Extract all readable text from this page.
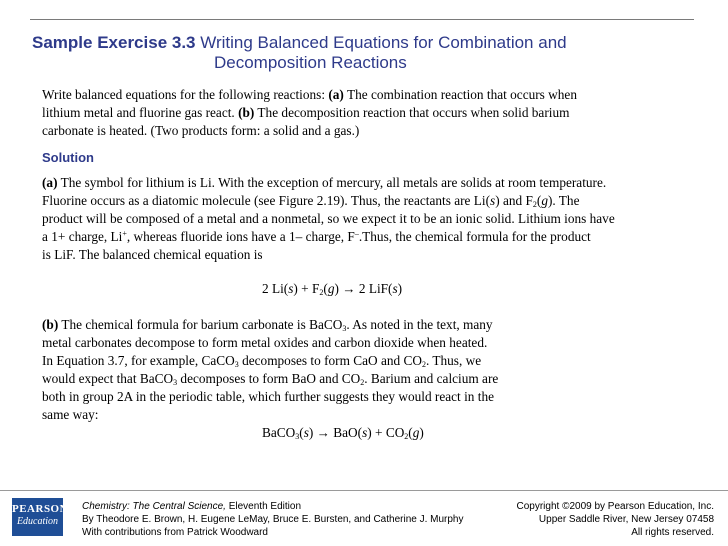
Sample Exercise 3.3 Writing Balanced Equations for Combination and
Decomposition Reactions

Write balanced equations for the following reactions: (a) The combination reaction that occurs when

lithium metal and fluorine gas react. (b) The decomposition reaction that occurs when solid barium

carbonate is heated. (Two products form: a solid and a gas.)

Solution

(a) The symbol for lithium is Li. With the exception of mercury, all metals are solids at room temperature.

Fluorine occurs as a diatomic molecule (see Figure 2.19). Thus, the reactants are Li(s) and $F_2(g)$. The

product will be composed of a metal and a nonmetal, so we expect it to be an ionic solid. Lithium ions have

a 1+ charge, Li+, whereas fluoride ions have a 1– charge, F–.Thus, the chemical formula for the product

is LiF. The balanced chemical equation is

2 $Li(s) + F_2(g) \to 2$ LiF(s)

(b) The chemical formula for barium carbonate is BaCO$_3$. As noted in the text, many

metal carbonates decompose to form metal oxides and carbon dioxide when heated.

In Equation 3.7, for example, CaCO$_3$ decomposes to form CaO and $CO_2$. Thus, we

would expect that BaCO$_3$ decomposes to form BaO and $CO_2$. Barium and calcium are

both in group 2A in the periodic table, which further suggests they would react in the

same way:

BaCO$_3$(s) → $BaO(s) + CO_2(g)$
PEARSON
Education
Chemistry: The Central Science, Eleventh Edition
By Theodore E. Brown, H. Eugene LeMay, Bruce E. Bursten, and Catherine J. Murphy
With contributions from Patrick Woodward
Copyright ©2009 by Pearson Education, Inc.
Upper Saddle River, New Jersey 07458
All rights reserved.
